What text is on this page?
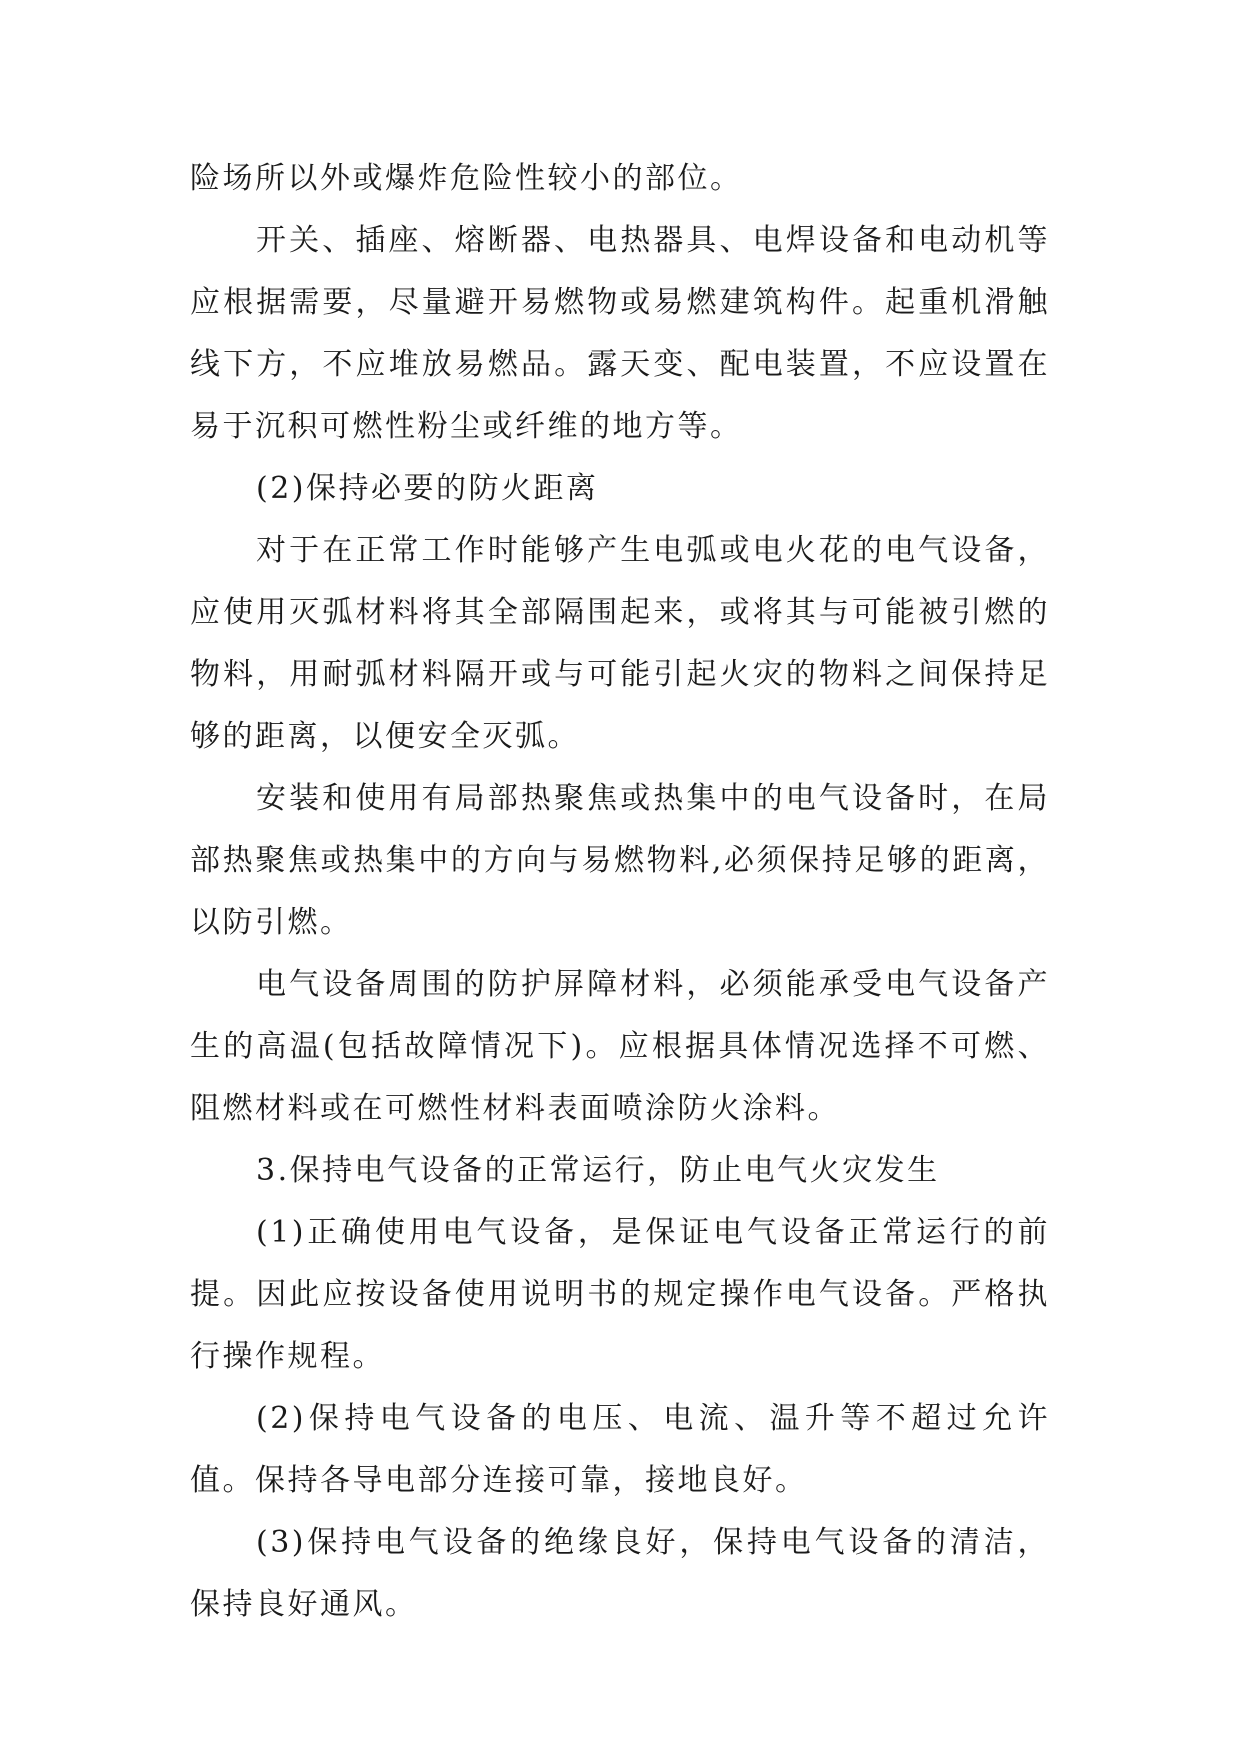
险场所以外或爆炸危险性较小的部位。

开关、插座、熔断器、电热器具、电焊设备和电动机等应根据需要，尽量避开易燃物或易燃建筑构件。起重机滑触线下方，不应堆放易燃品。露天变、配电装置，不应设置在易于沉积可燃性粉尘或纤维的地方等。

(2)保持必要的防火距离

对于在正常工作时能够产生电弧或电火花的电气设备，应使用灭弧材料将其全部隔围起来，或将其与可能被引燃的物料，用耐弧材料隔开或与可能引起火灾的物料之间保持足够的距离，以便安全灭弧。

安装和使用有局部热聚焦或热集中的电气设备时，在局部热聚焦或热集中的方向与易燃物料,必须保持足够的距离，以防引燃。

电气设备周围的防护屏障材料，必须能承受电气设备产生的高温(包括故障情况下)。应根据具体情况选择不可燃、阻燃材料或在可燃性材料表面喷涂防火涂料。

3.保持电气设备的正常运行，防止电气火灾发生

(1)正确使用电气设备，是保证电气设备正常运行的前提。因此应按设备使用说明书的规定操作电气设备。严格执行操作规程。

(2)保持电气设备的电压、电流、温升等不超过允许值。保持各导电部分连接可靠，接地良好。

(3)保持电气设备的绝缘良好，保持电气设备的清洁，保持良好通风。
